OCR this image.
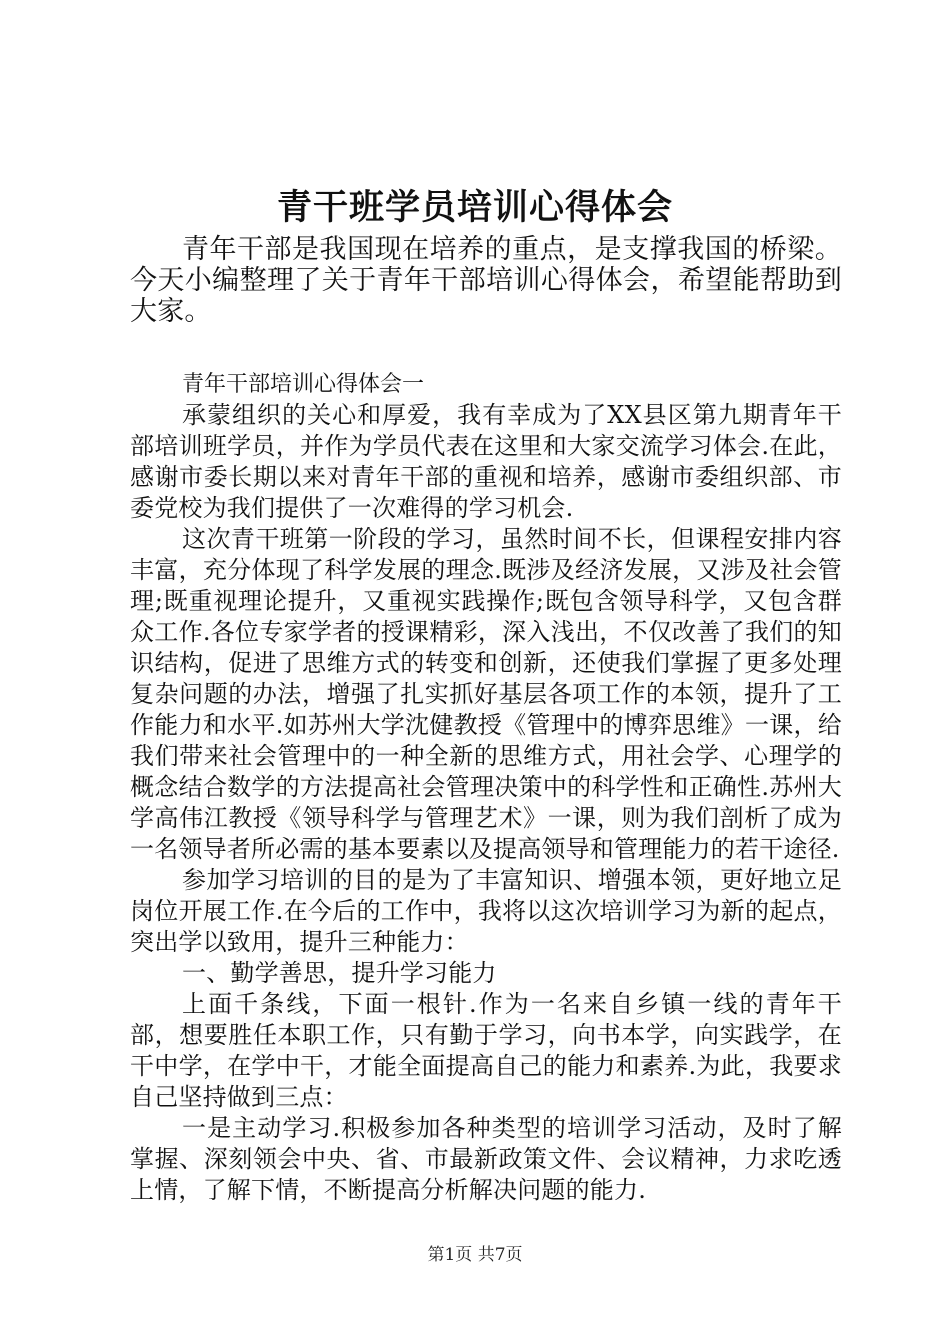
青干班学员培训心得体会

青年干部是我国现在培养的重点，是支撑我国的桥梁。今天小编整理了关于青年干部培训心得体会，希望能帮助到大家。

青年干部培训心得体会一

承蒙组织的关心和厚爱，我有幸成为了XX县区第九期青年干部培训班学员，并作为学员代表在这里和大家交流学习体会.在此，感谢市委长期以来对青年干部的重视和培养，感谢市委组织部、市委党校为我们提供了一次难得的学习机会.

这次青干班第一阶段的学习，虽然时间不长，但课程安排内容丰富，充分体现了科学发展的理念.既涉及经济发展，又涉及社会管理;既重视理论提升，又重视实践操作;既包含领导科学，又包含群众工作.各位专家学者的授课精彩，深入浅出，不仅改善了我们的知识结构，促进了思维方式的转变和创新，还使我们掌握了更多处理复杂问题的办法，增强了扎实抓好基层各项工作的本领，提升了工作能力和水平.如苏州大学沈健教授《管理中的博弈思维》一课，给我们带来社会管理中的一种全新的思维方式，用社会学、心理学的概念结合数学的方法提高社会管理决策中的科学性和正确性.苏州大学高伟江教授《领导科学与管理艺术》一课，则为我们剖析了成为一名领导者所必需的基本要素以及提高领导和管理能力的若干途径.

参加学习培训的目的是为了丰富知识、增强本领，更好地立足岗位开展工作.在今后的工作中，我将以这次培训学习为新的起点，突出学以致用，提升三种能力：

一、勤学善思，提升学习能力

上面千条线，下面一根针.作为一名来自乡镇一线的青年干部，想要胜任本职工作，只有勤于学习，向书本学，向实践学，在干中学，在学中干，才能全面提高自己的能力和素养.为此，我要求自己坚持做到三点：

一是主动学习.积极参加各种类型的培训学习活动，及时了解掌握、深刻领会中央、省、市最新政策文件、会议精神，力求吃透上情，了解下情，不断提高分析解决问题的能力.

第1页 共7页
